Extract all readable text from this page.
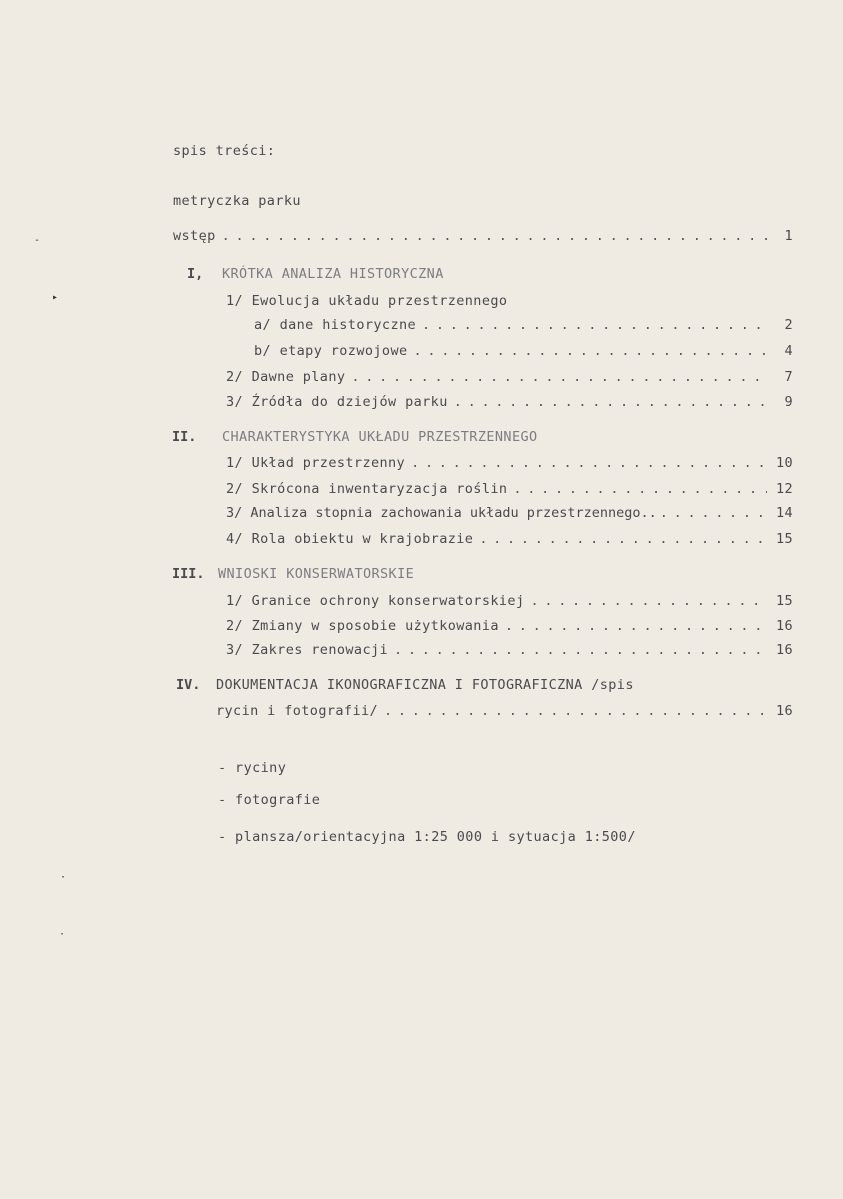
-
▸
·
·
spis treści:
metryczka parku
wstęp . . .	1
I, KRÓTKA ANALIZA HISTORYCZNA
1/ Ewolucja układu przestrzennego
a/ dane historyczne . . .	2
b/ etapy rozwojowe . . .	4
2/ Dawne plany . . .	7
3/ Źródła do dziejów parku . . .	9
II. CHARAKTERYSTYKA UKŁADU PRZESTRZENNEGO
1/ Układ przestrzenny . . .	10
2/ Skrócona inwentaryzacja roślin . . .	12
3/ Analiza stopnia zachowania układu przestrzennego.. . . .	14
4/ Rola obiektu w krajobrazie . . .	15
III. WNIOSKI KONSERWATORSKIE
1/ Granice ochrony konserwatorskiej . . .	15
2/ Zmiany w sposobie użytkowania . . .	16
3/ Zakres renowacji . . .	16
IV. DOKUMENTACJA IKONOGRAFICZNA I FOTOGRAFICZNA /spis
rycin i fotografii/ . . .	16
- ryciny
- fotografie
- plansza/orientacyjna 1:25 000 i sytuacja 1:500/
